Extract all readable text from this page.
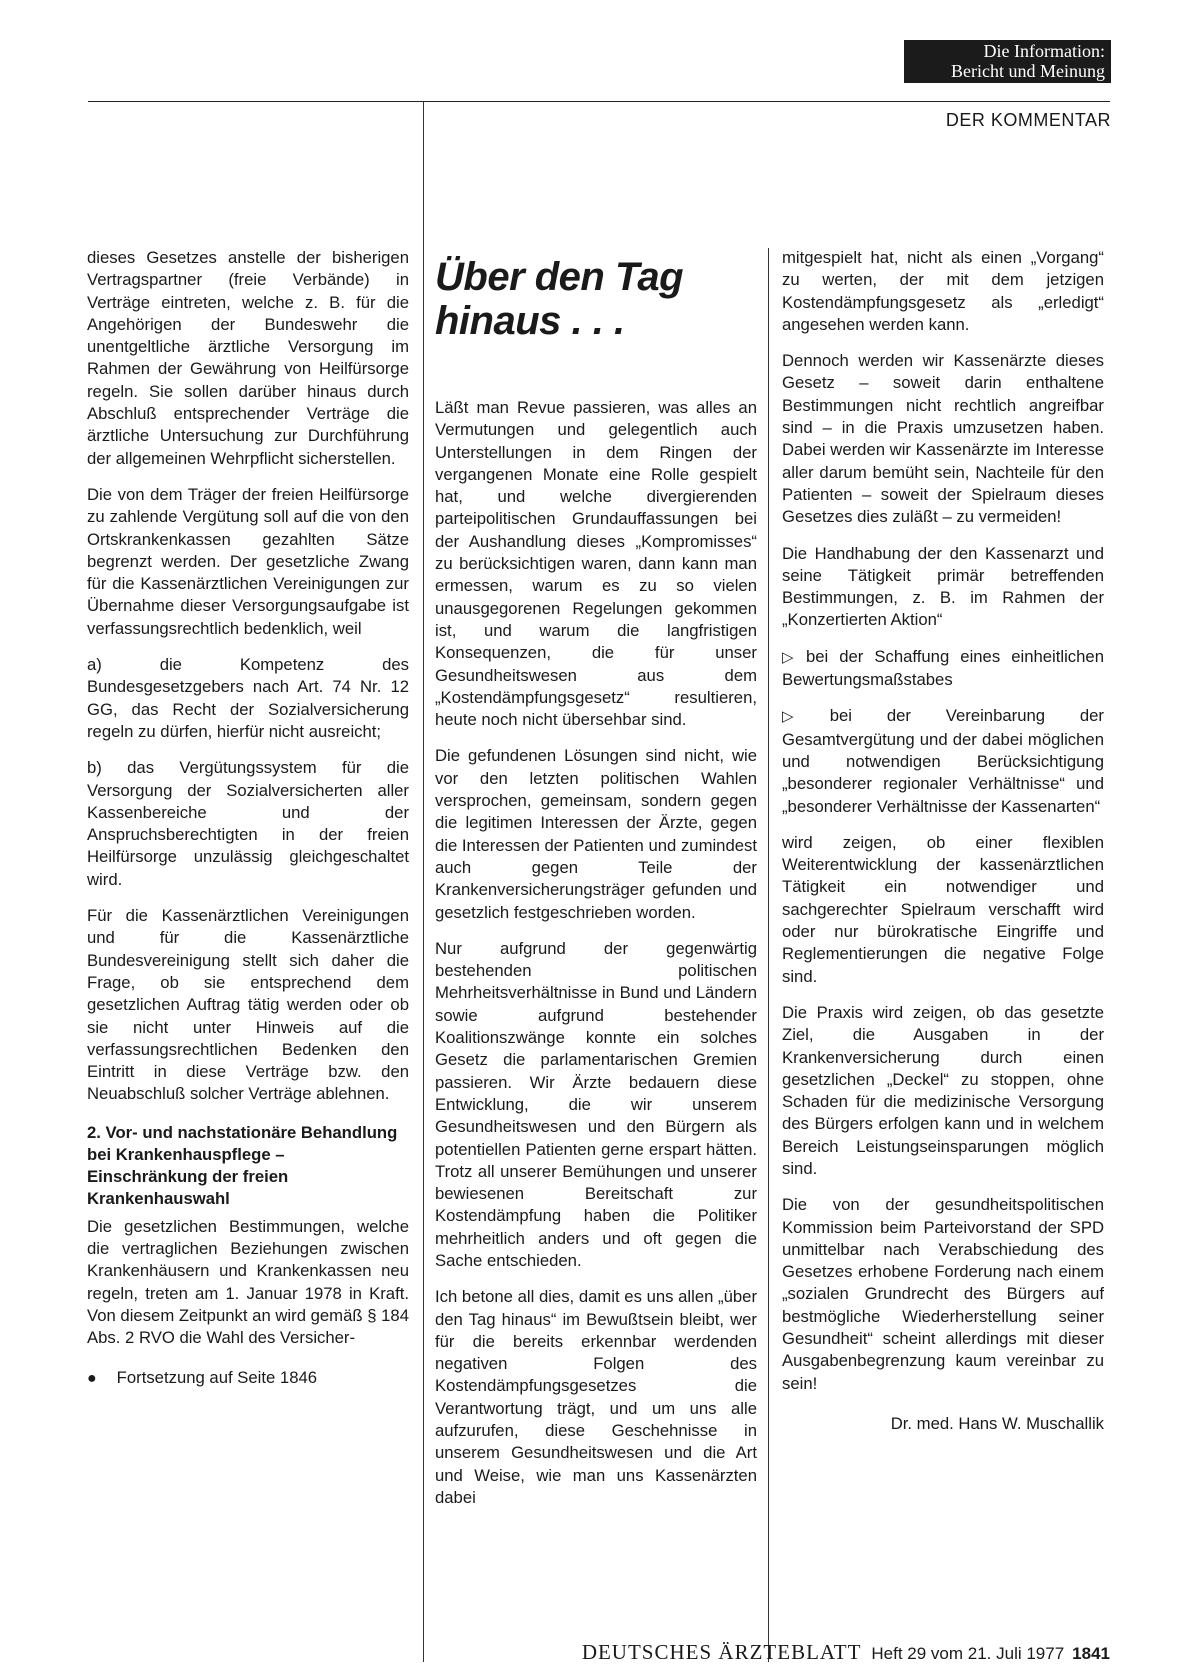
Die Information:
Bericht und Meinung
DER KOMMENTAR

dieses Gesetzes anstelle der bisherigen Vertragspartner (freie Verbände) in Verträge eintreten, welche z. B. für die Angehörigen der Bundeswehr die unentgeltliche ärztliche Versorgung im Rahmen der Gewährung von Heilfürsorge regeln. Sie sollen darüber hinaus durch Abschluß entsprechender Verträge die ärztliche Untersuchung zur Durchführung der allgemeinen Wehrpflicht sicherstellen.

Die von dem Träger der freien Heilfürsorge zu zahlende Vergütung soll auf die von den Ortskrankenkassen gezahlten Sätze begrenzt werden. Der gesetzliche Zwang für die Kassenärztlichen Vereinigungen zur Übernahme dieser Versorgungsaufgabe ist verfassungsrechtlich bedenklich, weil

a) die Kompetenz des Bundesgesetzgebers nach Art. 74 Nr. 12 GG, das Recht der Sozialversicherung regeln zu dürfen, hierfür nicht ausreicht;

b) das Vergütungssystem für die Versorgung der Sozialversicherten aller Kassenbereiche und der Anspruchsberechtigten in der freien Heilfürsorge unzulässig gleichgeschaltet wird.

Für die Kassenärztlichen Vereinigungen und für die Kassenärztliche Bundesvereinigung stellt sich daher die Frage, ob sie entsprechend dem gesetzlichen Auftrag tätig werden oder ob sie nicht unter Hinweis auf die verfassungsrechtlichen Bedenken den Eintritt in diese Verträge bzw. den Neuabschluß solcher Verträge ablehnen.

2. Vor- und nachstationäre Behandlung bei Krankenhauspflege – Einschränkung der freien Krankenhauswahl

Die gesetzlichen Bestimmungen, welche die vertraglichen Beziehungen zwischen Krankenhäusern und Krankenkassen neu regeln, treten am 1. Januar 1978 in Kraft. Von diesem Zeitpunkt an wird gemäß § 184 Abs. 2 RVO die Wahl des Versicher-

● Fortsetzung auf Seite 1846
Über den Tag
hinaus . . .

Läßt man Revue passieren, was alles an Vermutungen und gelegentlich auch Unterstellungen in dem Ringen der vergangenen Monate eine Rolle gespielt hat, und welche divergierenden parteipolitischen Grundauffassungen bei der Aushandlung dieses „Kompromisses“ zu berücksichtigen waren, dann kann man ermessen, warum es zu so vielen unausgegorenen Regelungen gekommen ist, und warum die langfristigen Konsequenzen, die für unser Gesundheitswesen aus dem „Kostendämpfungsgesetz“ resultieren, heute noch nicht übersehbar sind.

Die gefundenen Lösungen sind nicht, wie vor den letzten politischen Wahlen versprochen, gemeinsam, sondern gegen die legitimen Interessen der Ärzte, gegen die Interessen der Patienten und zumindest auch gegen Teile der Krankenversicherungsträger gefunden und gesetzlich festgeschrieben worden.

Nur aufgrund der gegenwärtig bestehenden politischen Mehrheitsverhältnisse in Bund und Ländern sowie aufgrund bestehender Koalitionszwänge konnte ein solches Gesetz die parlamentarischen Gremien passieren. Wir Ärzte bedauern diese Entwicklung, die wir unserem Gesundheitswesen und den Bürgern als potentiellen Patienten gerne erspart hätten. Trotz all unserer Bemühungen und unserer bewiesenen Bereitschaft zur Kostendämpfung haben die Politiker mehrheitlich anders und oft gegen die Sache entschieden.

Ich betone all dies, damit es uns allen „über den Tag hinaus“ im Bewußtsein bleibt, wer für die bereits erkennbar werdenden negativen Folgen des Kostendämpfungsgesetzes die Verantwortung trägt, und um uns alle aufzurufen, diese Geschehnisse in unserem Gesundheitswesen und die Art und Weise, wie man uns Kassenärzten dabei

mitgespielt hat, nicht als einen „Vorgang“ zu werten, der mit dem jetzigen Kostendämpfungsgesetz als „erledigt“ angesehen werden kann.

Dennoch werden wir Kassenärzte dieses Gesetz – soweit darin enthaltene Bestimmungen nicht rechtlich angreifbar sind – in die Praxis umzusetzen haben. Dabei werden wir Kassenärzte im Interesse aller darum bemüht sein, Nachteile für den Patienten – soweit der Spielraum dieses Gesetzes dies zuläßt – zu vermeiden!

Die Handhabung der den Kassenarzt und seine Tätigkeit primär betreffenden Bestimmungen, z. B. im Rahmen der „Konzertierten Aktion“

▷ bei der Schaffung eines einheitlichen Bewertungsmaßstabes

▷ bei der Vereinbarung der Gesamtvergütung und der dabei möglichen und notwendigen Berücksichtigung „besonderer regionaler Verhältnisse“ und „besonderer Verhältnisse der Kassenarten“

wird zeigen, ob einer flexiblen Weiterentwicklung der kassenärztlichen Tätigkeit ein notwendiger und sachgerechter Spielraum verschafft wird oder nur bürokratische Eingriffe und Reglementierungen die negative Folge sind.

Die Praxis wird zeigen, ob das gesetzte Ziel, die Ausgaben in der Krankenversicherung durch einen gesetzlichen „Deckel“ zu stoppen, ohne Schaden für die medizinische Versorgung des Bürgers erfolgen kann und in welchem Bereich Leistungseinsparungen möglich sind.

Die von der gesundheitspolitischen Kommission beim Parteivorstand der SPD unmittelbar nach Verabschiedung des Gesetzes erhobene Forderung nach einem „sozialen Grundrecht des Bürgers auf bestmögliche Wiederherstellung seiner Gesundheit“ scheint allerdings mit dieser Ausgabenbegrenzung kaum vereinbar zu sein!

Dr. med. Hans W. Muschallik
DEUTSCHES ÄRZTEBLATT Heft 29 vom 21. Juli 1977 1841
